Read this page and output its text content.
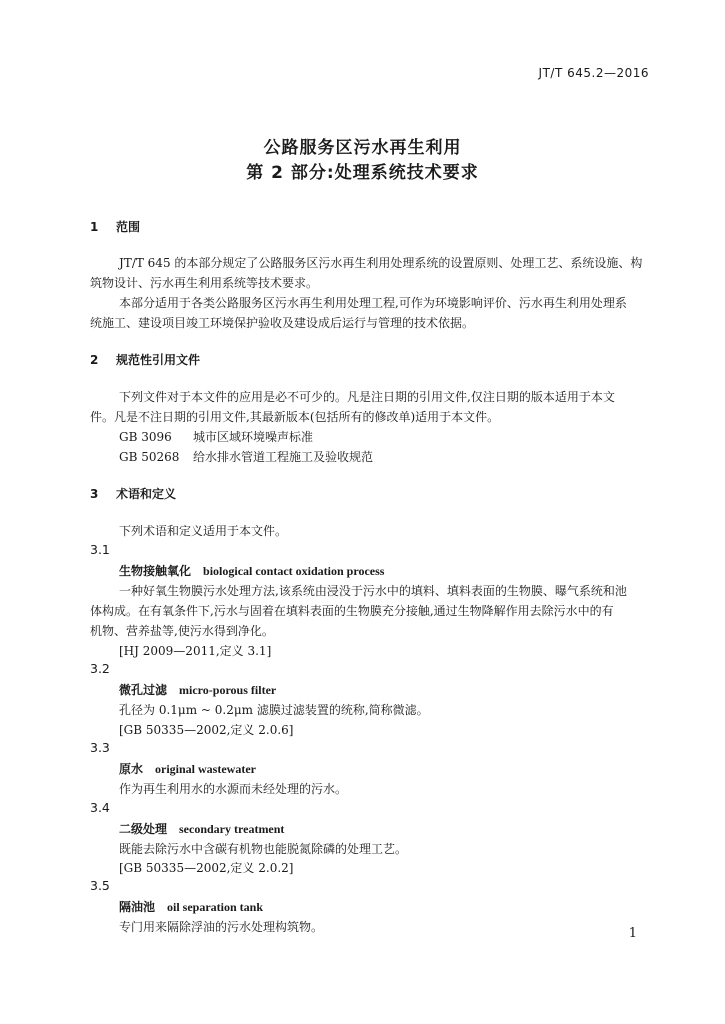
JT/T 645.2—2016
公路服务区污水再生利用
第 2 部分:处理系统技术要求
1 范围
JT/T 645 的本部分规定了公路服务区污水再生利用处理系统的设置原则、处理工艺、系统设施、构
筑物设计、污水再生利用系统等技术要求。
本部分适用于各类公路服务区污水再生利用处理工程,可作为环境影响评价、污水再生利用处理系
统施工、建设项目竣工环境保护验收及建设成后运行与管理的技术依据。
2 规范性引用文件
下列文件对于本文件的应用是必不可少的。凡是注日期的引用文件,仅注日期的版本适用于本文
件。凡是不注日期的引用文件,其最新版本(包括所有的修改单)适用于本文件。
GB 3096 城市区域环境噪声标准
GB 50268 给水排水管道工程施工及验收规范
3 术语和定义
下列术语和定义适用于本文件。
3.1
生物接触氧化 biological contact oxidation process
一种好氧生物膜污水处理方法,该系统由浸没于污水中的填料、填料表面的生物膜、曝气系统和池
体构成。在有氧条件下,污水与固着在填料表面的生物膜充分接触,通过生物降解作用去除污水中的有
机物、营养盐等,使污水得到净化。
[HJ 2009—2011,定义 3.1]
3.2
微孔过滤 micro-porous filter
孔径为 0.1μm ~ 0.2μm 滤膜过滤装置的统称,简称微滤。
[GB 50335—2002,定义 2.0.6]
3.3
原水 original wastewater
作为再生利用水的水源而未经处理的污水。
3.4
二级处理 secondary treatment
既能去除污水中含碳有机物也能脱氮除磷的处理工艺。
[GB 50335—2002,定义 2.0.2]
3.5
隔油池 oil separation tank
专门用来隔除浮油的污水处理构筑物。	1
